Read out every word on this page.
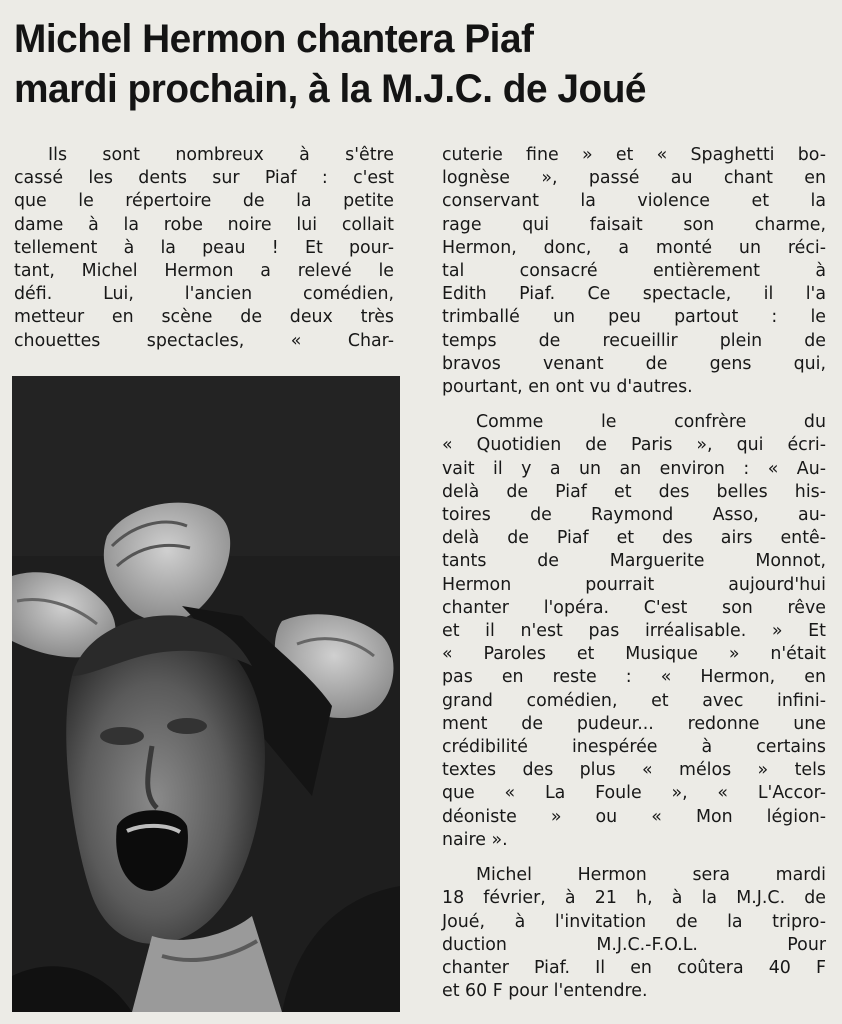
Michel Hermon chantera Piaf
mardi prochain, à la M.J.C. de Joué
Ils sont nombreux à s'être
cassé les dents sur Piaf : c'est
que le répertoire de la petite
dame à la robe noire lui collait
tellement à la peau ! Et pour-
tant, Michel Hermon a relevé le
défi. Lui, l'ancien comédien,
metteur en scène de deux très
chouettes spectacles, « Char-
cuterie fine » et « Spaghetti bo-
lognèse », passé au chant en
conservant la violence et la
rage qui faisait son charme,
Hermon, donc, a monté un réci-
tal consacré entièrement à
Edith Piaf. Ce spectacle, il l'a
trimballé un peu partout : le
temps de recueillir plein de
bravos venant de gens qui,
pourtant, en ont vu d'autres.
Comme le confrère du
« Quotidien de Paris », qui écri-
vait il y a un an environ : « Au-
delà de Piaf et des belles his-
toires de Raymond Asso, au-
delà de Piaf et des airs entê-
tants de Marguerite Monnot,
Hermon pourrait aujourd'hui
chanter l'opéra. C'est son rêve
et il n'est pas irréalisable. » Et
« Paroles et Musique » n'était
pas en reste : « Hermon, en
grand comédien, et avec infini-
ment de pudeur... redonne une
crédibilité inespérée à certains
textes des plus « mélos » tels
que « La Foule », « L'Accor-
déoniste » ou « Mon légion-
naire ».
Michel Hermon sera mardi
18 février, à 21 h, à la M.J.C. de
Joué, à l'invitation de la tripro-
duction M.J.C.-F.O.L. Pour
chanter Piaf. Il en coûtera 40 F
et 60 F pour l'entendre.
